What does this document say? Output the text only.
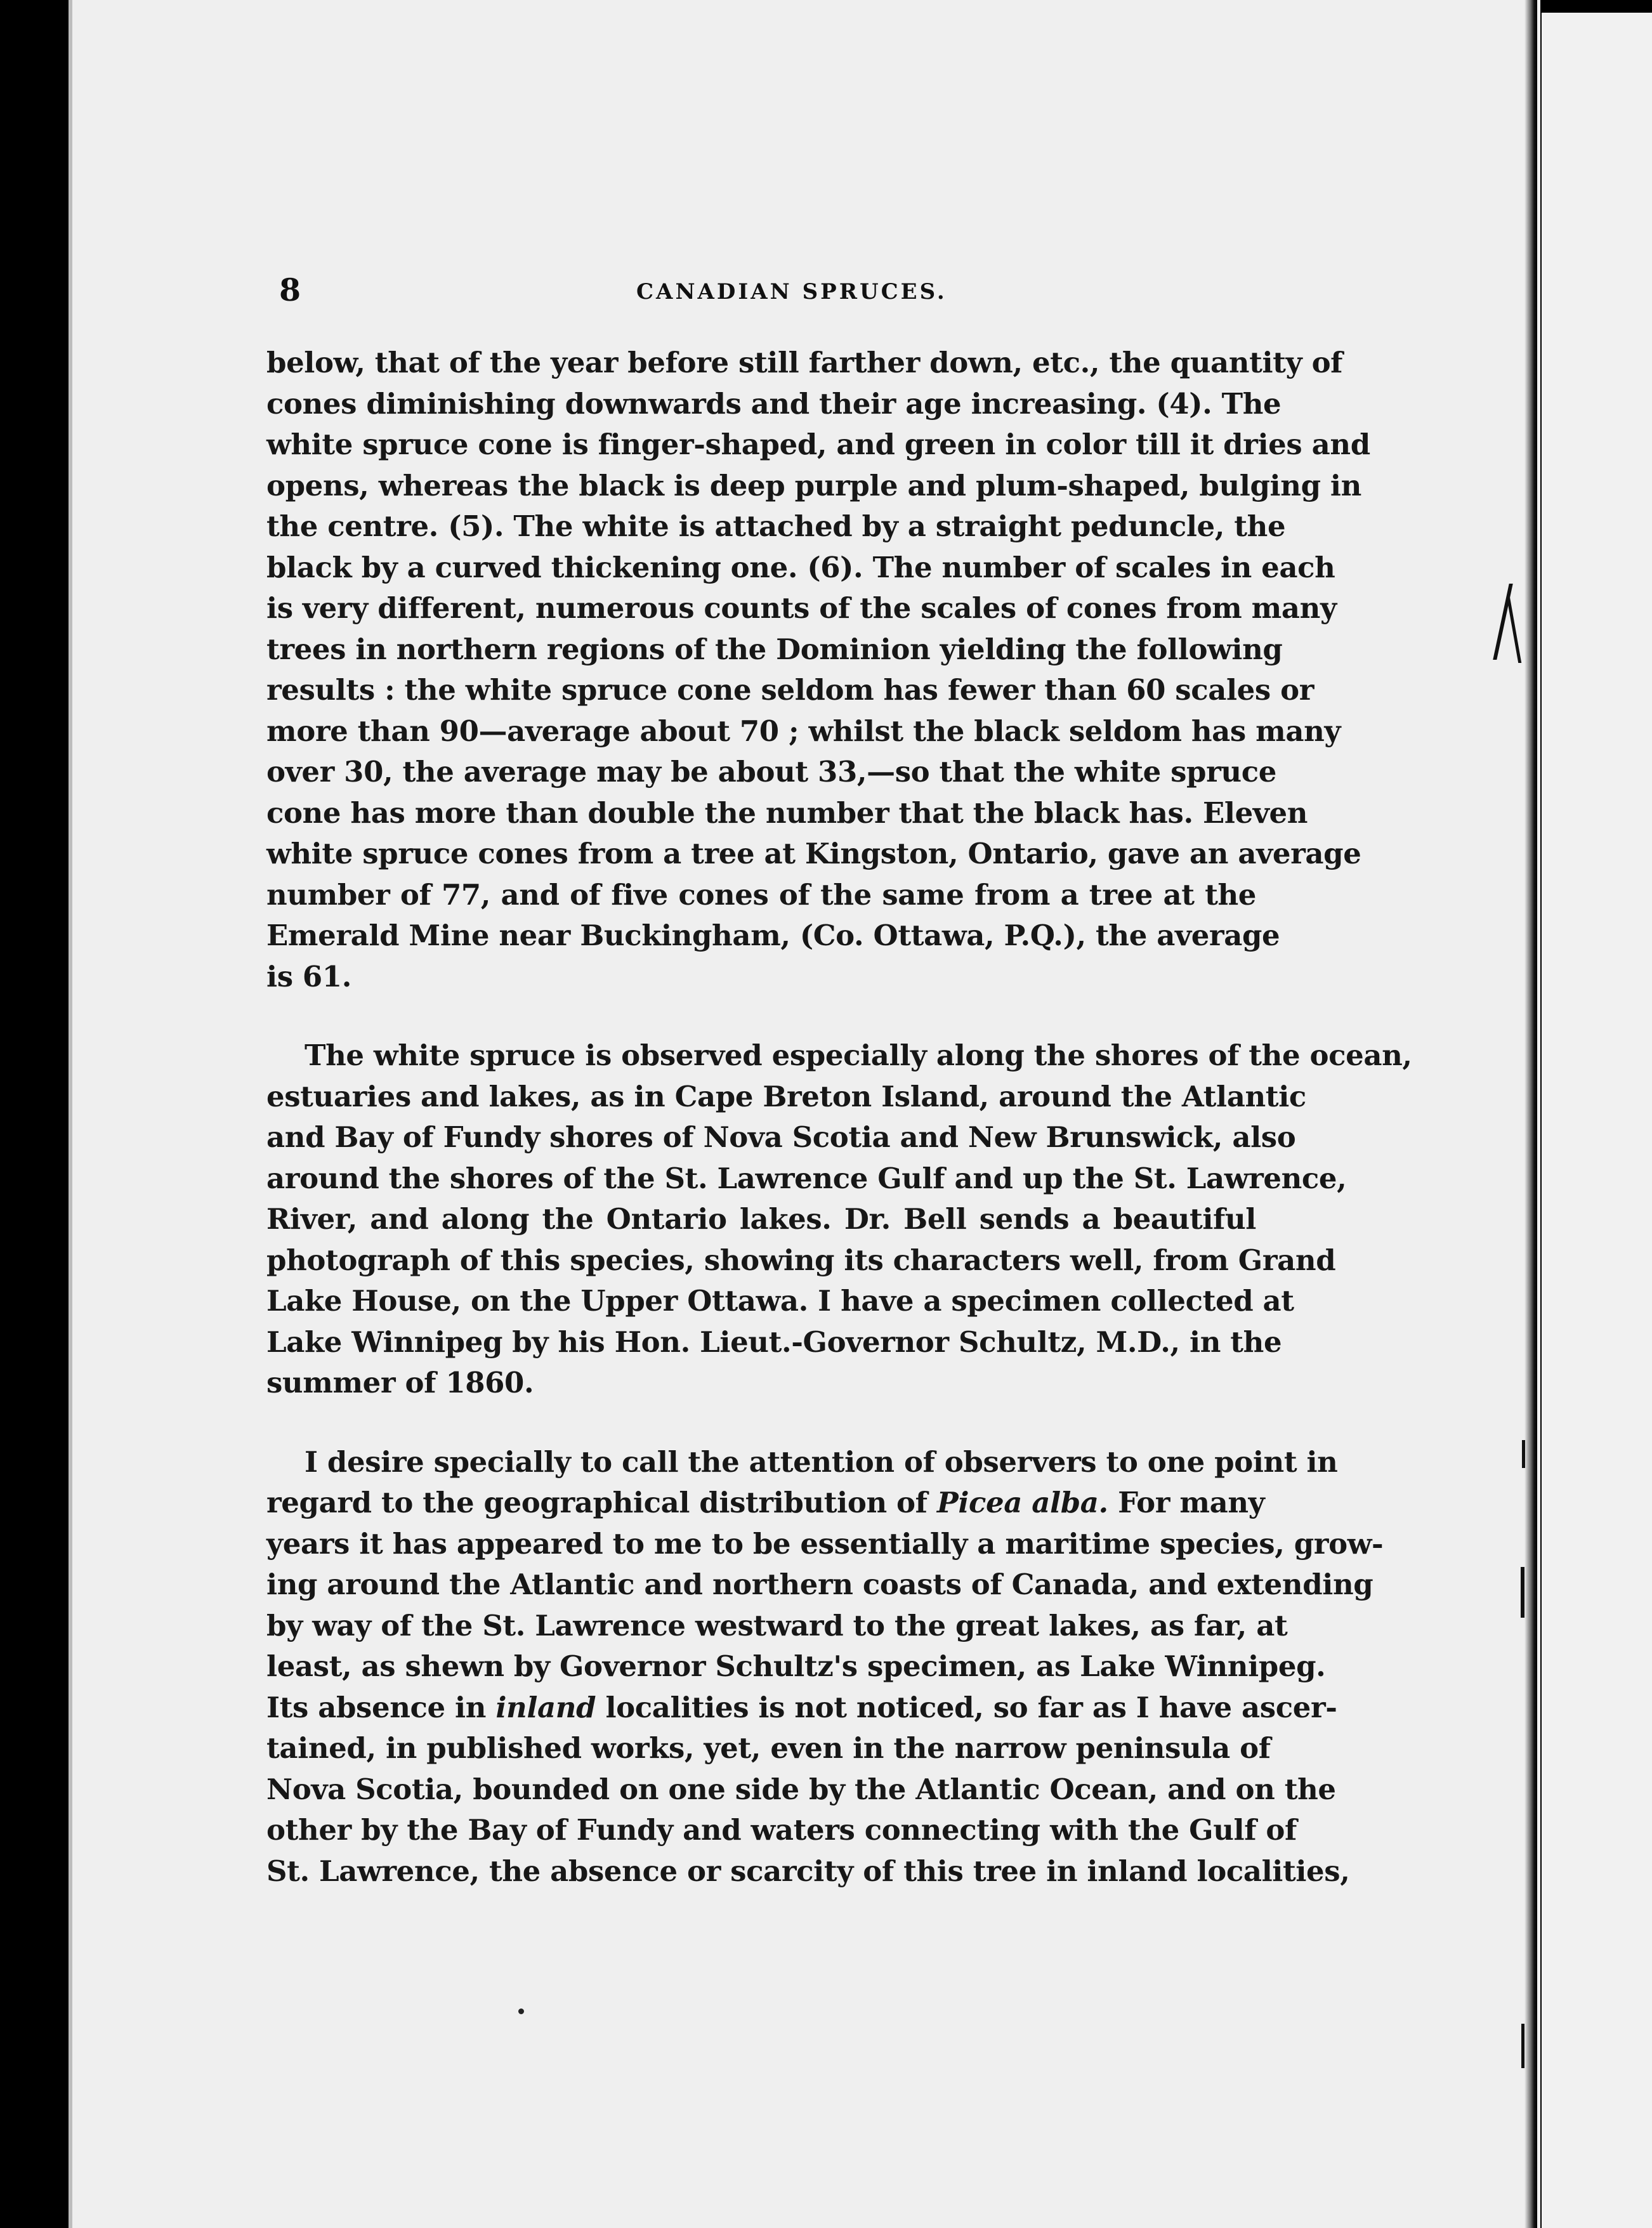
8	CANADIAN SPRUCES.
below, that of the year before still farther down, etc., the quantity of
cones diminishing downwards and their age increasing. (4). The
white spruce cone is finger-shaped, and green in color till it dries and
opens, whereas the black is deep purple and plum-shaped, bulging in
the centre. (5). The white is attached by a straight peduncle, the
black by a curved thickening one. (6). The number of scales in each
is very different, numerous counts of the scales of cones from many
trees in northern regions of the Dominion yielding the following
results : the white spruce cone seldom has fewer than 60 scales or
more than 90—average about 70 ; whilst the black seldom has many
over 30, the average may be about 33,—so that the white spruce
cone has more than double the number that the black has. Eleven
white spruce cones from a tree at Kingston, Ontario, gave an average
number of 77, and of five cones of the same from a tree at the
Emerald Mine near Buckingham, (Co. Ottawa, P.Q.), the average
is 61.
The white spruce is observed especially along the shores of the ocean,
estuaries and lakes, as in Cape Breton Island, around the Atlantic
and Bay of Fundy shores of Nova Scotia and New Brunswick, also
around the shores of the St. Lawrence Gulf and up the St. Lawrence,
River, and along the Ontario lakes. Dr. Bell sends a beautiful
photograph of this species, showing its characters well, from Grand
Lake House, on the Upper Ottawa. I have a specimen collected at
Lake Winnipeg by his Hon. Lieut.-Governor Schultz, M.D., in the
summer of 1860.
I desire specially to call the attention of observers to one point in
regard to the geographical distribution of Picea alba. For many
years it has appeared to me to be essentially a maritime species, grow-
ing around the Atlantic and northern coasts of Canada, and extending
by way of the St. Lawrence westward to the great lakes, as far, at
least, as shewn by Governor Schultz's specimen, as Lake Winnipeg.
Its absence in inland localities is not noticed, so far as I have ascer-
tained, in published works, yet, even in the narrow peninsula of
Nova Scotia, bounded on one side by the Atlantic Ocean, and on the
other by the Bay of Fundy and waters connecting with the Gulf of
St. Lawrence, the absence or scarcity of this tree in inland localities,
